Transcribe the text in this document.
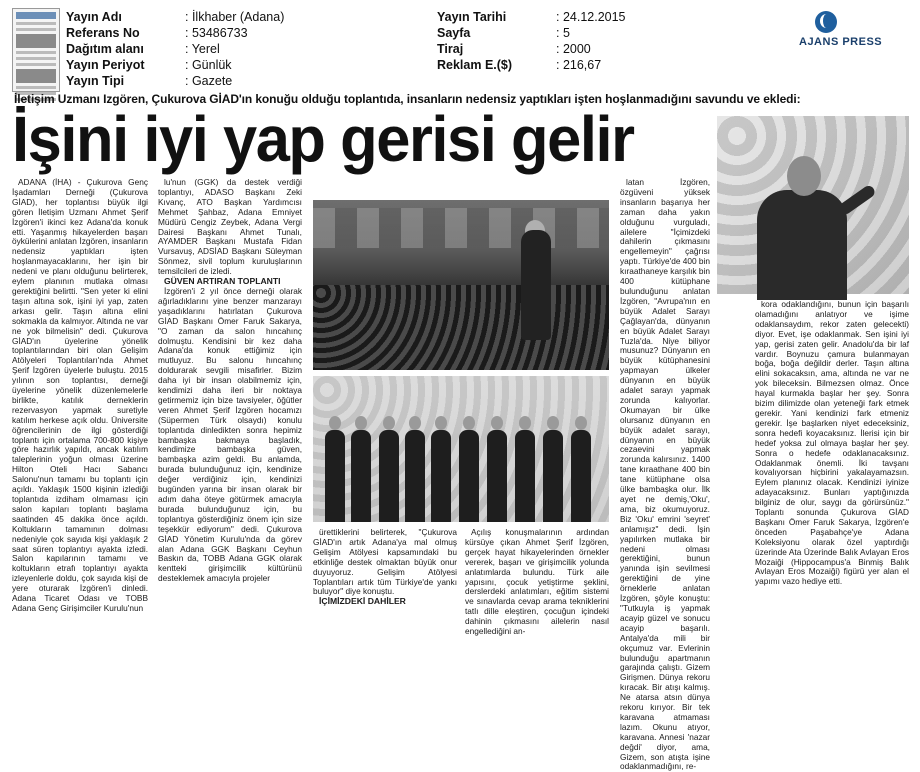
Yayın Adı
Referans No
Dağıtım alanı
Yayın Periyot
Yayın Tipi
: İlkhaber (Adana)
: 53486733
: Yerel
: Günlük
: Gazete
Yayın Tarihi
Sayfa
Tiraj
Reklam E.($)
: 24.12.2015
: 5
: 2000
: 216,67
AJANS PRESS
İletişim Uzmanı Izgören, Çukurova GİAD'ın konuğu olduğu toplantıda, insanların nedensiz yaptıkları işten hoşlanmadığını savundu ve ekledi:
İşini iyi yap gerisi gelir

ADANA (İHA) - Çukurova Genç İşadamları Derneği (Çukurova GİAD), her toplantısı büyük ilgi gören İletişim Uzmanı Ahmet Şerif İzgören'i ikinci kez Adana'da konuk etti. Yaşanmış hikayelerden başarı öykülerini anlatan İzgören, insanların nedensiz yaptıkları işten hoşlanmayacaklarını, her işin bir nedeni ve planı olduğunu belirterek, eylem planının mutlaka olması gerektiğini belirtti. "Sen yeter ki elini taşın altına sok, işini iyi yap, zaten arkası gelir. Taşın altına elini sokmakla da kalmıyor. Altında ne var ne yok bilmelisin" dedi. Çukurova GİAD'ın üyelerine yönelik toplantılarından biri olan Gelişim Atölyeleri Toplantıları'nda Ahmet Şerif İzgören üyelerle buluştu. 2015 yılının son toplantısı, derneği üyelerine yönelik düzenlemelerle birlikte, katılık derneklerin rezervasyon yapmak suretiyle katılım herkese açık oldu. Üniversite öğrencilerinin de ilgi gösterdiği toplantı için ortalama 700-800 kişiye göre hazırlık yapıldı, ancak katılım taleplerinin yoğun olması üzerine Hilton Oteli Hacı Sabancı Salonu'nun tamamı bu toplantı için açıldı. Yaklaşık 1500 kişinin izlediği toplantıda izdiham olmaması için salon kapıları toplantı başlama saatinden 45 dakika önce açıldı. Koltukların tamamının dolması nedeniyle çok sayıda kişi yaklaşık 2 saat süren toplantıyı ayakta izledi. Salon kapılarının tamamı ve koltukların etrafı toplantıyı ayakta izleyenlerle doldu, çok sayıda kişi de yere oturarak İzgören'i dinledi. Adana Ticaret Odası ve TOBB Adana Genç Girişimciler Kurulu'nun

lu'nun (GGK) da destek verdiği toplantıyı, ADASO Başkanı Zeki Kıvanç, ATO Başkan Yardımcısı Mehmet Şahbaz, Adana Emniyet Müdürü Cengiz Zeybek, Adana Vergi Dairesi Başkanı Ahmet Tunalı, AYAMDER Başkanı Mustafa Fidan Vursavuş, ADSİAD Başkanı Süleyman Sönmez, sivil toplum kuruluşlarının temsilcileri de izledi.

GÜVEN ARTIRAN TOPLANTI

İzgören'i 2 yıl önce derneği olarak ağırladıklarını yine benzer manzarayı yaşadıklarını hatırlatan Çukurova GİAD Başkanı Ömer Faruk Sakarya, "O zaman da salon hıncahınç dolmuştu. Kendisini bir kez daha Adana'da konuk ettiğimiz için mutluyuz. Bu salonu hıncahınç doldurarak sevgili misafirler. Bizim daha iyi bir insan olabilmemiz için, kendimizi daha ileri bir noktaya getirmemiz için bize tavsiyeler, öğütler veren Ahmet Şerif İzgören hocamızı (Süpermen Türk olsaydı) konulu toplantıda dinledikten sonra hepimiz bambaşka bakmaya başladık, kendimize bambaşka güven, bambaşka azim geldi. Bu anlamda, burada bulunduğunuz için, kendinize değer verdiğiniz için, kendinizi bugünden yarına bir insan olarak bir adım daha öteye götürmek amacıyla burada bulunduğunuz için, bu toplantıya gösterdiğiniz önem için size teşekkür ediyorum" dedi. Çukurova GİAD Yönetim Kurulu'nda da görev alan Adana GGK Başkanı Ceyhun Baskın da, TOBB Adana GGK olarak kentteki girişimcilik kültürünü desteklemek amacıyla projeler

ürettiklerini belirterek, "Çukurova GİAD'ın artık Adana'ya mal olmuş Gelişim Atölyesi kapsamındaki bu etkinliğe destek olmaktan büyük onur duyuyoruz. Gelişim Atölyesi Toplantıları artık tüm Türkiye'de yankı buluyor" diye konuştu.

İÇİMİZDEKİ DAHİLER

Açılış konuşmalarının ardından kürsüye çıkan Ahmet Şerif İzgören, gerçek hayat hikayelerinden örnekler vererek, başarı ve girişimcilik yolunda anlatımlarda bulundu. Türk aile yapısını, çocuk yetiştirme şeklini, derslerdeki anlatımları, eğitim sistemi ve sınavlarda cevap arama tekniklerini tatlı dille eleştiren, çocuğun içindeki dahinin çıkmasını ailelerin nasıl engellediğini an-

latan İzgören, özgüveni yüksek insanların başarıya her zaman daha yakın olduğunu vurguladı, ailelere "İçimizdeki dahilerin çıkmasını engellemeyin" çağrısı yaptı. Türkiye'de 400 bin kıraathaneye karşılık bin 400 kütüphane bulunduğunu anlatan İzgören, "Avrupa'nın en büyük Adalet Sarayı Çağlayan'da, dünyanın en büyük Adalet Sarayı Tuzla'da. Niye biliyor musunuz? Dünyanın en büyük kütüphanesini yapmayan ülkeler dünyanın en büyük adalet sarayı yapmak zorunda kalıyorlar. Okumayan bir ülke olursanız dünyanın en büyük adalet sarayı, dünyanın en büyük cezaevini yapmak zorunda kalırsınız. 1400 tane kıraathane 400 bin tane kütüphane olsa ülke bambaşka olur. İlk ayet ne demiş,'Oku', ama, biz okumuyoruz. Biz 'Oku' emrini 'seyret' anlamışız" dedi. İşin yapılırken mutlaka bir nedeni olması gerektiğini, bunun yanında işin sevilmesi gerektiğini de yine örneklerle anlatan İzgören, şöyle konuştu: "Tutkuyla iş yapmak acayip güzel ve sonucu acayip başarılı. Antalya'da mili bir okçumuz var. Evlerinin bulunduğu apartmanın garajında çalıştı. Gizem Girişmen. Dünya rekoru kıracak. Bir atışı kalmış. Ne atarsa atsın dünya rekoru kırıyor. Bir tek karavana atmaması lazım. Okunu atıyor, karavana. Annesi 'nazar değdi' diyor, ama, Gizem, son atışta işine odaklanmadığını, re-

kora odaklandığını, bunun için başarılı olamadığını anlatıyor ve işime odaklansaydım, rekor zaten gelecekti) diyor. Evet, işe odaklanmak. Sen işini iyi yap, gerisi zaten gelir. Anadolu'da bir laf vardır. Boynuzu çamura bulanmayan boğa, boğa değildir derler. Taşın altına elini sokacaksın, ama, altında ne var ne yok bileceksin. Bilmezsen olmaz. Önce hayal kurmakla başlar her şey. Sonra bizim dilimizde olan yeteneği fark etmek gerekir. Yani kendinizi fark etmeniz gerekir. İşe başlarken niyet edeceksiniz, sonra hedefi koyacaksınız. İlerisi için bir hedef yoksa zul olmaya başlar her şey. Sonra o hedefe odaklanacaksınız. Odaklanmak önemli. İki tavşanı kovalıyorsan hiçbirini yakalayamazsın. Eylem planınız olacak. Kendinizi iyinize adayacaksınız. Bunları yaptığınızda bilginiz de olur, saygı da görürsünüz." Toplantı sonunda Çukurova GİAD Başkanı Ömer Faruk Sakarya, İzgören'e önceden Paşabahçe'ye Adana Koleksiyonu olarak özel yaptırdığı üzerinde Ata Üzerinde Balık Avlayan Eros Mozaiği (Hippocampus'a Binmiş Balık Avlayan Eros Mozaiği) figürü yer alan el yapımı vazo hediye etti.
